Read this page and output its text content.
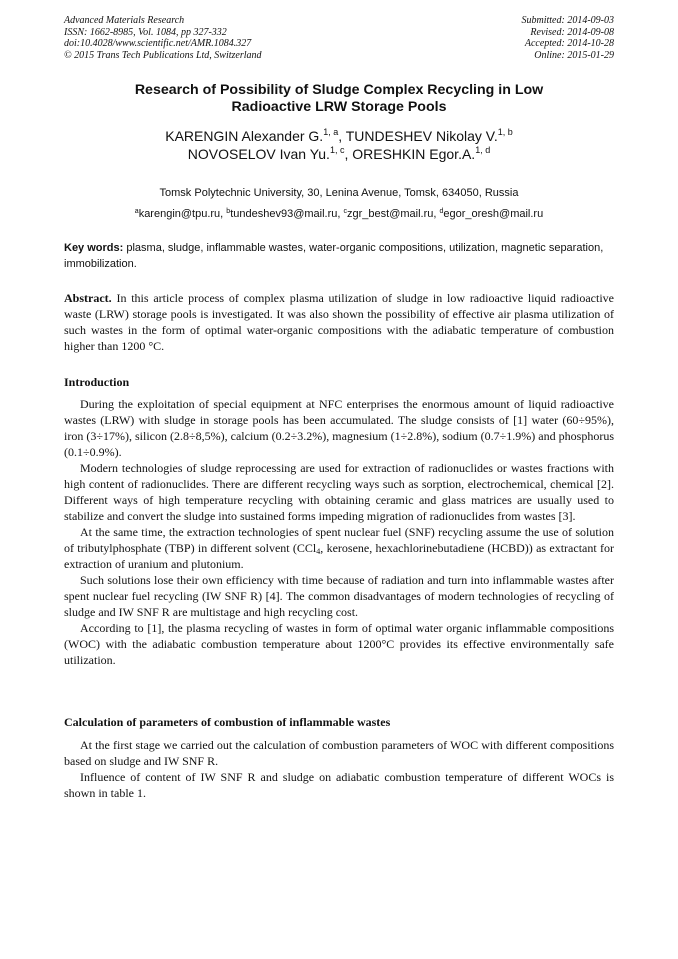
Advanced Materials Research
ISSN: 1662-8985, Vol. 1084, pp 327-332
doi:10.4028/www.scientific.net/AMR.1084.327
© 2015 Trans Tech Publications Ltd, Switzerland
Submitted: 2014-09-03
Revised: 2014-09-08
Accepted: 2014-10-28
Online: 2015-01-29
Research of Possibility of Sludge Complex Recycling in Low
Radioactive LRW Storage Pools
KARENGIN Alexander G.$^{1, a}$, TUNDESHEV Nikolay V.$^{1, b}$
NOVOSELOV Ivan Yu.$^{1, c}$, ORESHKIN Egor.A.$^{1, d}$
Tomsk Polytechnic University, 30, Lenina Avenue, Tomsk, 634050, Russia
$^a$karengin@tpu.ru, $^b$tundeshev93@mail.ru, $^c$zgr_best@mail.ru, $^d$egor_oresh@mail.ru
Key words: plasma, sludge, inflammable wastes, water-organic compositions, utilization, magnetic separation, immobilization.
Abstract. In this article process of complex plasma utilization of sludge in low radioactive liquid radioactive waste (LRW) storage pools is investigated. It was also shown the possibility of effective air plasma utilization of such wastes in the form of optimal water-organic compositions with the adiabatic temperature of combustion higher than 1200 °C.
Introduction

During the exploitation of special equipment at NFC enterprises the enormous amount of liquid radioactive wastes (LRW) with sludge in storage pools has been accumulated. The sludge consists of [1] water (60÷95%), iron (3÷17%), silicon (2.8÷8,5%), calcium (0.2÷3.2%), magnesium (1÷2.8%), sodium (0.7÷1.9%) and phosphorus (0.1÷0.9%).

Modern technologies of sludge reprocessing are used for extraction of radionuclides or wastes fractions with high content of radionuclides. There are different recycling ways such as sorption, electrochemical, chemical [2]. Different ways of high temperature recycling with obtaining ceramic and glass matrices are usually used to stabilize and convert the sludge into sustained forms impeding migration of radionuclides from wastes [3].

At the same time, the extraction technologies of spent nuclear fuel (SNF) recycling assume the use of solution of tributylphosphate (TBP) in different solvent (CCl$_4$, kerosene, hexachlorinebutadiene (HCBD)) as extractant for extraction of uranium and plutonium.

Such solutions lose their own efficiency with time because of radiation and turn into inflammable wastes after spent nuclear fuel recycling (IW SNF R) [4]. The common disadvantages of modern technologies of recycling of sludge and IW SNF R are multistage and high recycling cost.

According to [1], the plasma recycling of wastes in form of optimal water organic inflammable compositions (WOC) with the adiabatic combustion temperature about 1200°C provides its effective environmentally safe utilization.

Calculation of parameters of combustion of inflammable wastes

At the first stage we carried out the calculation of combustion parameters of WOC with different compositions based on sludge and IW SNF R.

Influence of content of IW SNF R and sludge on adiabatic combustion temperature of different WOCs is shown in table 1.
